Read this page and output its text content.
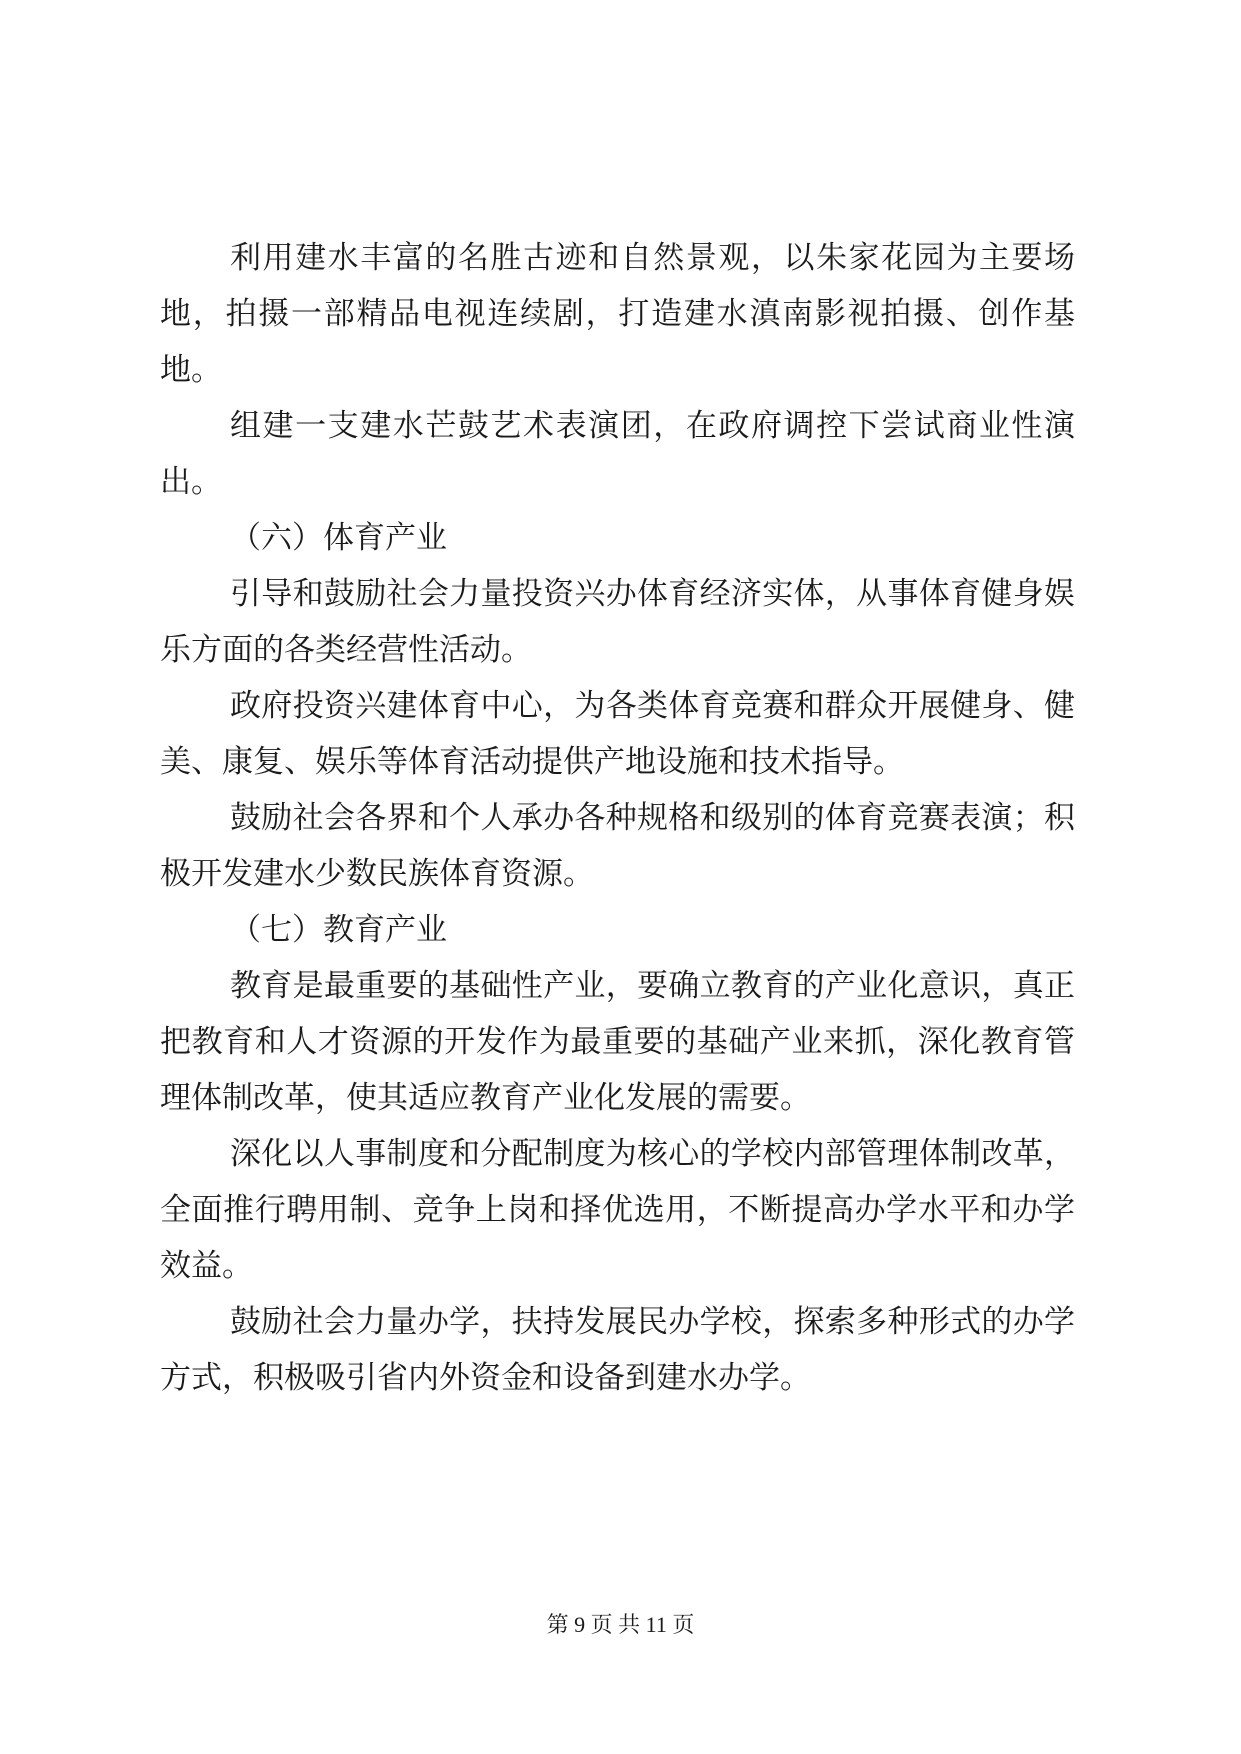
利用建水丰富的名胜古迹和自然景观，以朱家花园为主要场地，拍摄一部精品电视连续剧，打造建水滇南影视拍摄、创作基地。

组建一支建水芒鼓艺术表演团，在政府调控下尝试商业性演出。

（六）体育产业

引导和鼓励社会力量投资兴办体育经济实体，从事体育健身娱乐方面的各类经营性活动。

政府投资兴建体育中心，为各类体育竞赛和群众开展健身、健美、康复、娱乐等体育活动提供产地设施和技术指导。

鼓励社会各界和个人承办各种规格和级别的体育竞赛表演；积极开发建水少数民族体育资源。

（七）教育产业

教育是最重要的基础性产业，要确立教育的产业化意识，真正把教育和人才资源的开发作为最重要的基础产业来抓，深化教育管理体制改革，使其适应教育产业化发展的需要。

深化以人事制度和分配制度为核心的学校内部管理体制改革，全面推行聘用制、竞争上岗和择优选用，不断提高办学水平和办学效益。

鼓励社会力量办学，扶持发展民办学校，探索多种形式的办学方式，积极吸引省内外资金和设备到建水办学。

第 9 页 共 11 页
